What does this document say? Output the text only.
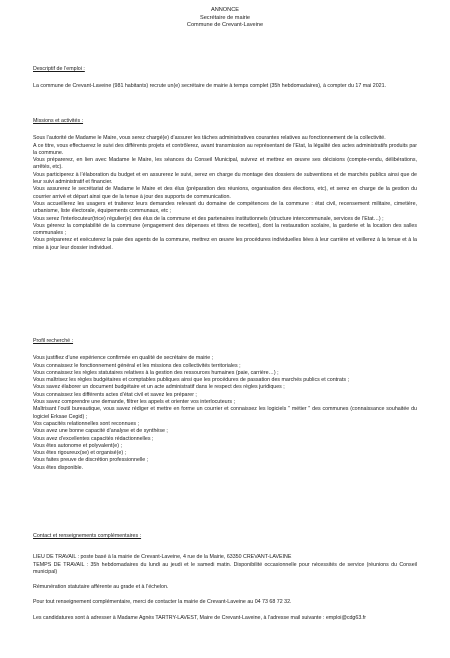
ANNONCE
Secrétaire de mairie
Commune de Crevant-Laveine
Descriptif de l’emploi :

La commune de Crevant-Laveine (981 habitants) recrute un(e) secrétaire de mairie à temps complet (35h hebdomadaires), à compter du 17 mai 2021.

Missions et activités :

Sous l’autorité de Madame le Maire, vous serez chargé(e) d’assurer les tâches administratives courantes relatives au fonctionnement de la collectivité.

A ce titre, vous effectuerez le suivi des différents projets et contrôlerez, avant transmission au représentant de l’Etat, la légalité des actes administratifs produits par la commune.

Vous préparerez, en lien avec Madame le Maire, les séances du Conseil Municipal, suivrez et mettrez en œuvre ses décisions (compte-rendu, délibérations, arrêtés, etc).

Vous participerez à l’élaboration du budget et en assurerez le suivi, serez en charge du montage des dossiers de subventions et de marchés publics ainsi que de leur suivi administratif et financier.

Vous assurerez le secrétariat de Madame le Maire et des élus (préparation des réunions, organisation des élections, etc), et serez en charge de la gestion du courrier arrivé et départ ainsi que de la tenue à jour des supports de communication.

Vous accueillerez les usagers et traiterez leurs demandes relevant du domaine de compétences de la commune : état civil, recensement militaire, cimetière, urbanisme, liste électorale, équipements communaux, etc ;

Vous serez l’interlocuteur(trice) régulier(e) des élus de la commune et des partenaires institutionnels (structure intercommunale, services de l’Etat…) ;

Vous gérerez la comptabilité de la commune (engagement des dépenses et titres de recettes), dont la restauration scolaire, la garderie et la location des salles communales ;

Vous préparerez et exécuterez la paie des agents de la commune, mettrez en œuvre les procédures individuelles liées à leur carrière et veillerez à la tenue et à la mise à jour leur dossier individuel.

Profil recherché :
Vous justifiez d’une expérience confirmée en qualité de secrétaire de mairie ;
Vous connaissez le fonctionnement général et les missions des collectivités territoriales ;
Vous connaissez les règles statutaires relatives à la gestion des ressources humaines (paie, carrière…) ;
Vous maîtrisez les règles budgétaires et comptables publiques ainsi que les procédures de passation des marchés publics et contrats ;
Vous savez élaborer un document budgétaire et un acte administratif dans le respect des règles juridiques ;
Vous connaissez les différents actes d’état civil et savez les préparer ;
Vous savez comprendre une demande, filtrer les appels et orienter vos interlocuteurs ;
Maîtrisant l’outil bureautique, vous savez rédiger et mettre en forme un courrier et connaissez les logiciels " métier " des communes (connaissance souhaitée du logiciel Erksae Cegid) ;
Vos capacités relationnelles sont reconnues ;
Vous avez une bonne capacité d’analyse et de synthèse ;
Vous avez d’excellentes capacités rédactionnelles ;
Vous êtes autonome et polyvalent(e) ;
Vous êtes rigoureux(se) et organisé(e) ;
Vous faites preuve de discrétion professionnelle ;
Vous êtes disponible.
Contact et renseignements complémentaires :

LIEU DE TRAVAIL : poste basé à la mairie de Crevant-Laveine, 4 rue de la Mairie, 63350 CREVANT-LAVEINE

TEMPS DE TRAVAIL : 35h hebdomadaires du lundi au jeudi et le samedi matin. Disponibilité occasionnelle pour nécessités de service (réunions du Conseil municipal)

Rémunération statutaire afférente au grade et à l’échelon.

Pour tout renseignement complémentaire, merci de contacter la mairie de Crevant-Laveine au 04 73 68 72 32.

Les candidatures sont à adresser à Madame Agnès TARTRY-LAVEST, Maire de Crevant-Laveine, à l’adresse mail suivante : emploi@cdg63.fr
